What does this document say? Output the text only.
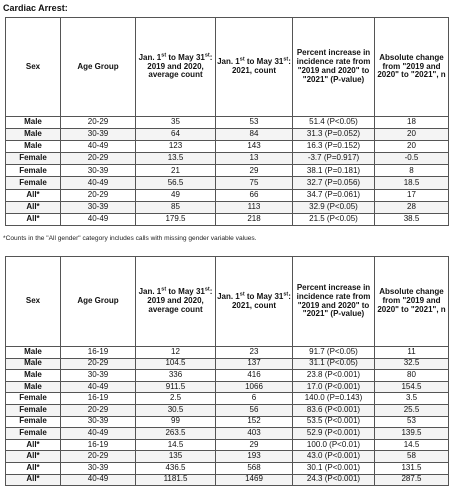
Cardiac Arrest:
Sex	Age Group	Jan. 1st to May 31st: 2019 and 2020, average count	Jan. 1st to May 31st: 2021, count	Percent increase in incidence rate from "2019 and 2020" to "2021" (P-value)	Absolute change from "2019 and 2020" to "2021", n
Male	20-29	35	53	51.4 (P<0.05)	18
Male	30-39	64	84	31.3 (P=0.052)	20
Male	40-49	123	143	16.3 (P=0.152)	20
Female	20-29	13.5	13	-3.7 (P=0.917)	-0.5
Female	30-39	21	29	38.1 (P=0.181)	8
Female	40-49	56.5	75	32.7 (P=0.056)	18.5
All*	20-29	49	66	34.7 (P=0.061)	17
All*	30-39	85	113	32.9 (P<0.05)	28
All*	40-49	179.5	218	21.5 (P<0.05)	38.5
*Counts in the "All gender" category includes calls with missing gender variable values.
Sex	Age Group	Jan. 1st to May 31st: 2019 and 2020, average count	Jan. 1st to May 31st: 2021, count	Percent increase in incidence rate from "2019 and 2020" to "2021" (P-value)	Absolute change from "2019 and 2020" to "2021", n
Male	16-19	12	23	91.7 (P<0.05)	11
Male	20-29	104.5	137	31.1 (P<0.05)	32.5
Male	30-39	336	416	23.8 (P<0.001)	80
Male	40-49	911.5	1066	17.0 (P<0.001)	154.5
Female	16-19	2.5	6	140.0 (P=0.143)	3.5
Female	20-29	30.5	56	83.6 (P<0.001)	25.5
Female	30-39	99	152	53.5 (P<0.001)	53
Female	40-49	263.5	403	52.9 (P<0.001)	139.5
All*	16-19	14.5	29	100.0 (P<0.01)	14.5
All*	20-29	135	193	43.0 (P<0.001)	58
All*	30-39	436.5	568	30.1 (P<0.001)	131.5
All*	40-49	1181.5	1469	24.3 (P<0.001)	287.5
